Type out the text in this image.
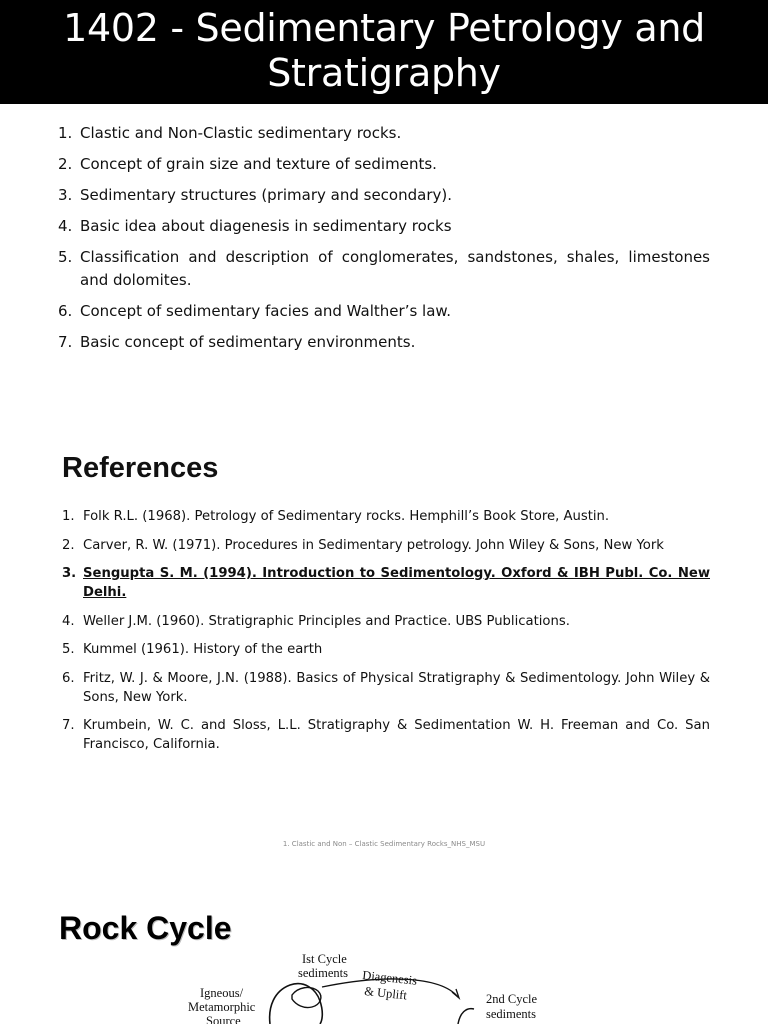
1402 - Sedimentary Petrology and
Stratigraphy
1. Clastic and Non-Clastic sedimentary rocks.
2. Concept of grain size and texture of sediments.
3. Sedimentary structures (primary and secondary).
4. Basic idea about diagenesis in sedimentary rocks
5. Classification and description of conglomerates, sandstones, shales, limestones and dolomites.
6. Concept of sedimentary facies and Walther’s law.
7. Basic concept of sedimentary environments.
References
1. Folk R.L. (1968). Petrology of Sedimentary rocks. Hemphill’s Book Store, Austin.
2. Carver, R. W. (1971). Procedures in Sedimentary petrology. John Wiley & Sons, New York
3. Sengupta S. M. (1994). Introduction to Sedimentology. Oxford & IBH Publ. Co. New Delhi.
4. Weller J.M. (1960). Stratigraphic Principles and Practice. UBS Publications.
5. Kummel (1961). History of the earth
6. Fritz, W. J. & Moore, J.N. (1988). Basics of Physical Stratigraphy & Sedimentology. John Wiley & Sons, New York.
7. Krumbein, W. C. and Sloss, L.L. Stratigraphy & Sedimentation W. H. Freeman and Co. San Francisco, California.
1. Clastic and Non – Clastic Sedimentary Rocks_NHS_MSU
Rock Cycle
Ist Cycle
sediments Diagenesis
& Uplift
Igneous/
Metamorphic
Source
2nd Cycle
sediments
